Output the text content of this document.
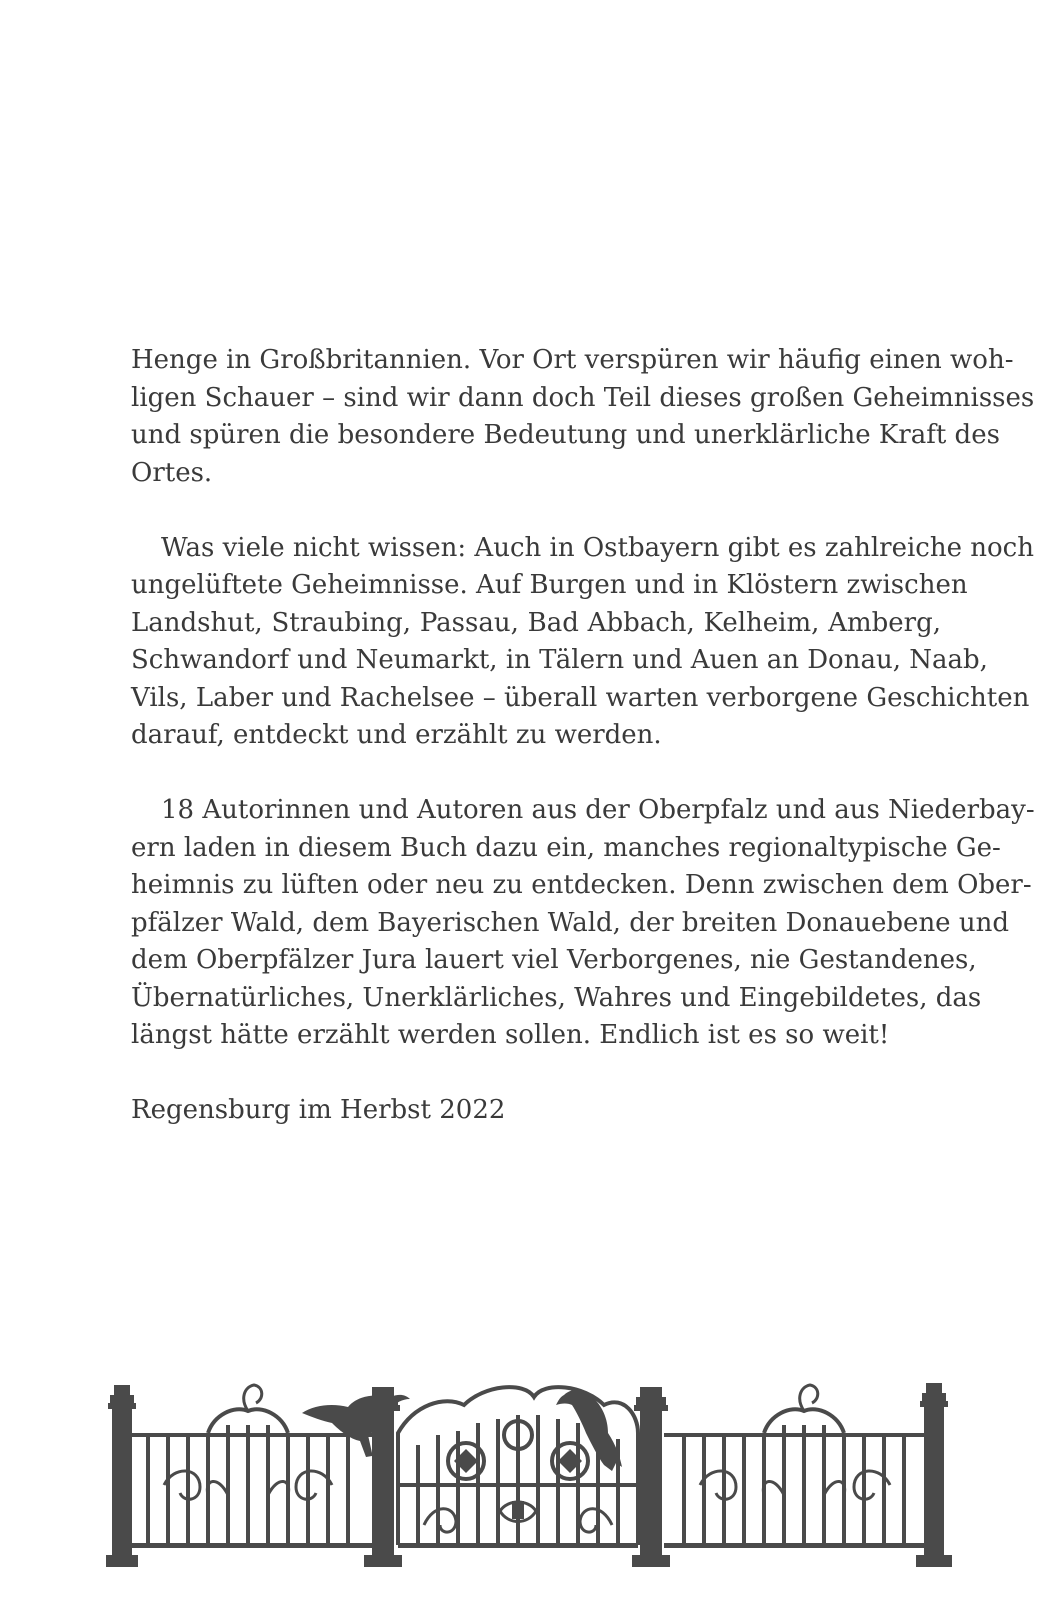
Henge in Großbritannien. Vor Ort verspüren wir häufig einen woh-
ligen Schauer – sind wir dann doch Teil dieses großen Geheimnisses
und spüren die besondere Bedeutung und unerklärliche Kraft des
Ortes.
Was viele nicht wissen: Auch in Ostbayern gibt es zahlreiche noch
ungelüftete Geheimnisse. Auf Burgen und in Klöstern zwischen
Landshut, Straubing, Passau, Bad Abbach, Kelheim, Amberg,
Schwandorf und Neumarkt, in Tälern und Auen an Donau, Naab,
Vils, Laber und Rachelsee – überall warten verborgene Geschichten
darauf, entdeckt und erzählt zu werden.
18 Autorinnen und Autoren aus der Oberpfalz und aus Niederbay-
ern laden in diesem Buch dazu ein, manches regionaltypische Ge-
heimnis zu lüften oder neu zu entdecken. Denn zwischen dem Ober-
pfälzer Wald, dem Bayerischen Wald, der breiten Donauebene und
dem Oberpfälzer Jura lauert viel Verborgenes, nie Gestandenes,
Übernatürliches, Unerklärliches, Wahres und Eingebildetes, das
längst hätte erzählt werden sollen. Endlich ist es so weit!
Regensburg im Herbst 2022
